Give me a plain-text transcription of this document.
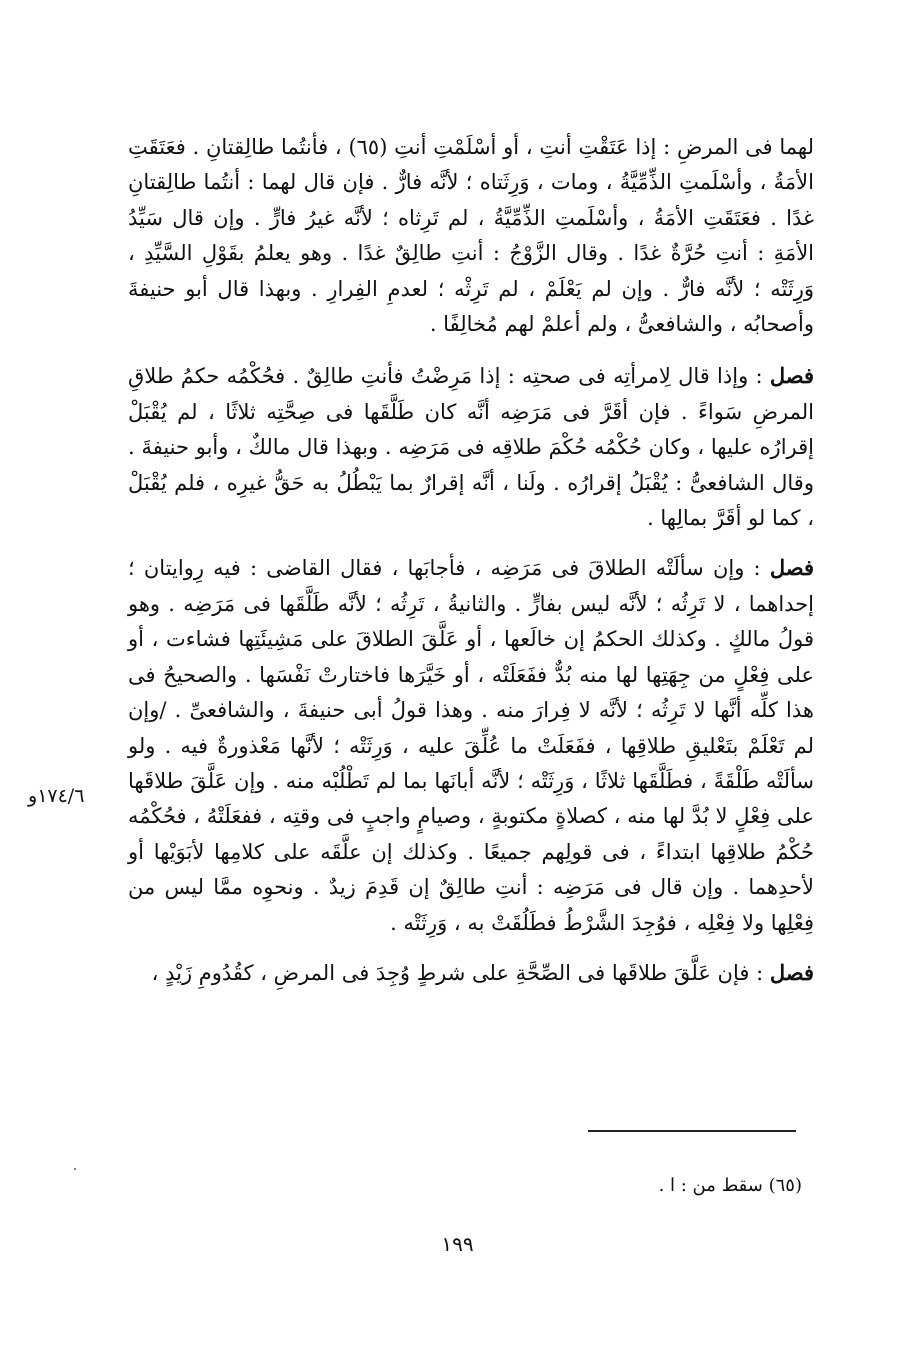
لهما فى المرضِ : إذا عَتَقْتِ أنتِ ، أو أسْلَمْتِ أنتِ (٦٥) ، فأنتُما طالِقتانِ . فعَتَقَتِ الأمَةُ ، وأسْلَمتِ الذِّمِّيَّةُ ، ومات ، وَرِثَتاه ؛ لأنَّه فارٌّ . فإن قال لهما : أنتُما طالِقتانِ غدًا . فعَتَقَتِ الأمَةُ ، وأسْلَمتِ الذِّمِّيَّةُ ، لم تَرِثاه ؛ لأنَّه غيرُ فارٍّ . وإن قال سَيِّدُ الأمَةِ : أنتِ حُرَّةٌ غدًا . وقال الزَّوْجُ : أنتِ طالِقٌ غدًا . وهو يعلمُ بقَوْلِ السَّيِّدِ ، وَرِثَتْه ؛ لأنَّه فارٌّ . وإن لم يَعْلَمْ ، لم تَرِثْه ؛ لعدمِ الفِرارِ . وبهذا قال أبو حنيفةَ وأصحابُه ، والشافعىُّ ، ولم أعلمْ لهم مُخالِفًا .

فصل : وإذا قال لِامرأتِه فى صحتِه : إذا مَرِضْتُ فأنتِ طالِقٌ . فحُكْمُه حكمُ طلاقِ المرضِ سَواءً . فإن أقَرَّ فى مَرَضِه أنَّه كان طَلَّقَها فى صِحَّتِه ثلاثًا ، لم يُقْبَلْ إقرارُه عليها ، وكان حُكْمُه حُكْمَ طلاقِه فى مَرَضِه . وبهذا قال مالكٌ ، وأبو حنيفةَ . وقال الشافعىُّ : يُقْبَلُ إقرارُه . ولَنا ، أنَّه إقرارٌ بما يَبْطُلُ به حَقُّ غيرِه ، فلم يُقْبَلْ ، كما لو أقَرَّ بمالِها .

فصل : وإن سألَتْه الطلاقَ فى مَرَضِه ، فأجابَها ، فقال القاضى : فيه رِوايتان ؛ إحداهما ، لا تَرِثُه ؛ لأنَّه ليس بفارٍّ . والثانيةُ ، تَرِثُه ؛ لأنَّه طَلَّقَها فى مَرَضِه . وهو قولُ مالكٍ . وكذلك الحكمُ إن خالَعها ، أو عَلَّقَ الطلاقَ على مَشِيئَتِها فشاءت ، أو على فِعْلٍ من جِهَتِها لها منه بُدٌّ ففَعَلَتْه ، أو خَيَّرَها فاختارتْ نَفْسَها . والصحيحُ فى هذا كلِّه أنَّها لا تَرِثُه ؛ لأنَّه لا فِرارَ منه . وهذا قولُ أبى حنيفةَ ، والشافعىِّ . /وإن لم تَعْلَمْ بتَعْليقِ طلاقِها ، ففَعَلَتْ ما عُلِّقَ عليه ، وَرِثَتْه ؛ لأنَّها مَعْذورةٌ فيه . ولو سألَتْه طَلْقَةً ، فطَلَّقَها ثلاثًا ، وَرِثَتْه ؛ لأنَّه أبانَها بما لم تَطْلُبْه منه . وإن عَلَّقَ طلاقَها على فِعْلٍ لا بُدَّ لها منه ، كصلاةٍ مكتوبةٍ ، وصيامٍ واجبٍ فى وقتِه ، ففعَلَتْهُ ، فحُكْمُه حُكْمُ طلاقِها ابتداءً ، فى قولِهم جميعًا . وكذلك إن علَّقَه على كلامِها لأبَوَيْها أو لأحدِهما . وإن قال فى مَرَضِه : أنتِ طالِقٌ إن قَدِمَ زيدٌ . ونحوِه ممَّا ليس من فِعْلِها ولا فِعْلِه ، فوُجِدَ الشَّرْطُ فطَلُقَتْ به ، وَرِثَتْه .

فصل : فإن عَلَّقَ طلاقَها فى الصِّحَّةِ على شرطٍ وُجِدَ فى المرضِ ، كقُدُومِ زَيْدٍ ،

١٧٤/٦و
(٦٥) سقط من : ا .
١٩٩
